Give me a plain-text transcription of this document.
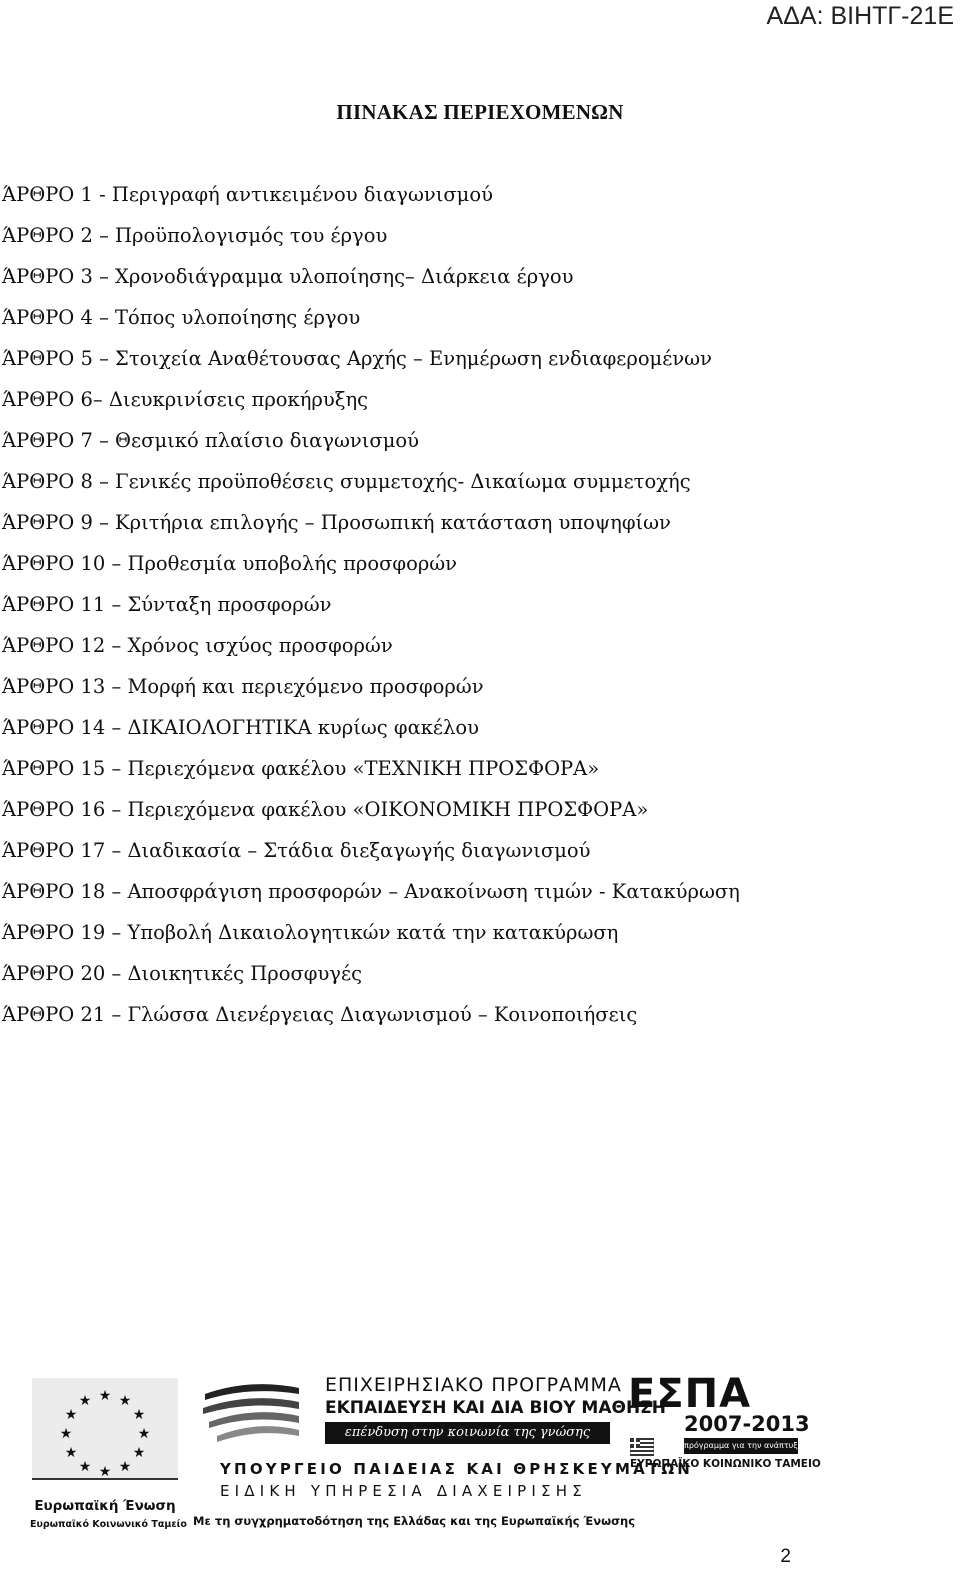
ΑΔΑ: ΒΙΗΤΓ-21Ε
ΠΙΝΑΚΑΣ ΠΕΡΙΕΧΟΜΕΝΩΝ
ΆΡΘΡΟ 1 - Περιγραφή αντικειμένου διαγωνισμού
ΆΡΘΡΟ 2 – Προϋπολογισμός του έργου
ΆΡΘΡΟ 3 – Χρονοδιάγραμμα υλοποίησης– Διάρκεια έργου
ΆΡΘΡΟ 4 – Τόπος υλοποίησης έργου
ΆΡΘΡΟ 5 – Στοιχεία Αναθέτουσας Αρχής – Ενημέρωση ενδιαφερομένων
ΆΡΘΡΟ 6– Διευκρινίσεις προκήρυξης
ΆΡΘΡΟ 7 – Θεσμικό πλαίσιο διαγωνισμού
ΆΡΘΡΟ 8 – Γενικές προϋποθέσεις συμμετοχής- Δικαίωμα συμμετοχής
ΆΡΘΡΟ 9 – Κριτήρια επιλογής – Προσωπική κατάσταση υποψηφίων
ΆΡΘΡΟ 10 – Προθεσμία υποβολής προσφορών
ΆΡΘΡΟ 11 – Σύνταξη προσφορών
ΆΡΘΡΟ 12 – Χρόνος ισχύος προσφορών
ΆΡΘΡΟ 13 – Μορφή και περιεχόμενο προσφορών
ΆΡΘΡΟ 14 – ΔΙΚΑΙΟΛΟΓΗΤΙΚΑ κυρίως φακέλου
ΆΡΘΡΟ 15 – Περιεχόμενα φακέλου «ΤΕΧΝΙΚΗ ΠΡΟΣΦΟΡΑ»
ΆΡΘΡΟ 16 – Περιεχόμενα φακέλου «ΟΙΚΟΝΟΜΙΚΗ ΠΡΟΣΦΟΡΑ»
ΆΡΘΡΟ 17 – Διαδικασία – Στάδια διεξαγωγής διαγωνισμού
ΆΡΘΡΟ 18 – Αποσφράγιση προσφορών – Ανακοίνωση τιμών - Κατακύρωση
ΆΡΘΡΟ 19 – Υποβολή Δικαιολογητικών κατά την κατακύρωση
ΆΡΘΡΟ 20 – Διοικητικές Προσφυγές
ΆΡΘΡΟ 21 – Γλώσσα Διενέργειας Διαγωνισμού – Κοινοποιήσεις
★ ★
★
★
★
★
★
★
★
★
★
★
Ευρωπαϊκή Ένωση
Ευρωπαϊκό Κοινωνικό Ταμείο
ΕΠΙΧΕΙΡΗΣΙΑΚΟ ΠΡΟΓΡΑΜΜΑ
ΕΚΠΑΙΔΕΥΣΗ ΚΑΙ ΔΙΑ ΒΙΟΥ ΜΑΘΗΣΗ
επένδυση στην κοινωνία της γνώσης
ΥΠΟΥΡΓΕΙΟ ΠΑΙΔΕΙΑΣ ΚΑΙ ΘΡΗΣΚΕΥΜΑΤΩΝ
ΕΙΔΙΚΗ ΥΠΗΡΕΣΙΑ ΔΙΑΧΕΙΡΙΣΗΣ
Με τη συγχρηματοδότηση της Ελλάδας και της Ευρωπαϊκής Ένωσης
ΕΣΠΑ
2007-2013
πρόγραμμα για την ανάπτυξη
ΕΥΡΩΠΑΪΚΟ ΚΟΙΝΩΝΙΚΟ ΤΑΜΕΙΟ
2
